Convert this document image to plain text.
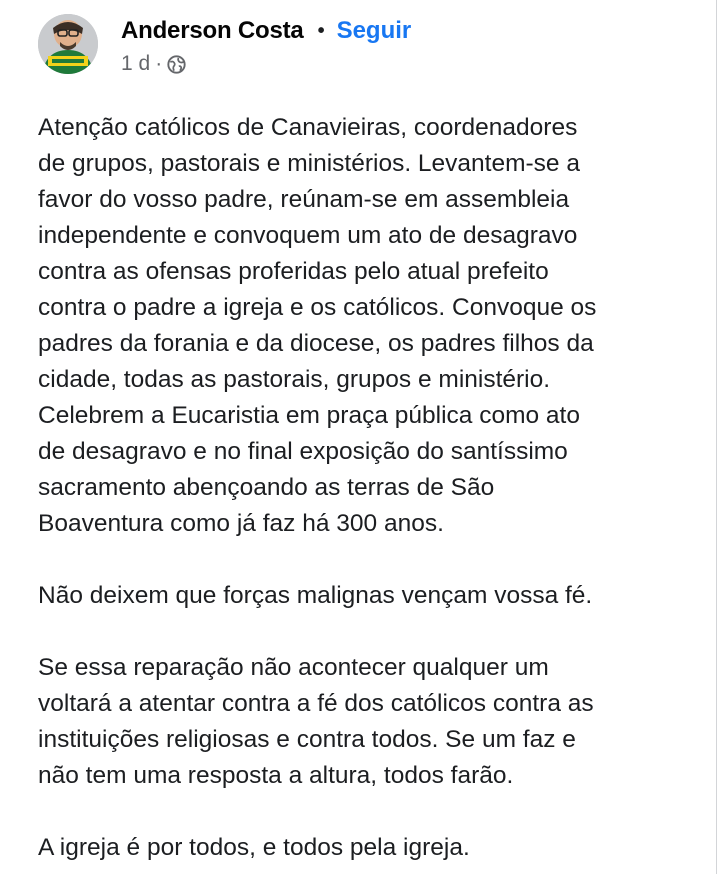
Anderson Costa • Seguir
1 d ·

Atenção católicos de Canavieiras, coordenadores
de grupos, pastorais e ministérios. Levantem-se a
favor do vosso padre, reúnam-se em assembleia
independente e convoquem um ato de desagravo
contra as ofensas proferidas pelo atual prefeito
contra o padre a igreja e os católicos. Convoque os
padres da forania e da diocese, os padres filhos da
cidade, todas as pastorais, grupos e ministério.
Celebrem a Eucaristia em praça pública como ato
de desagravo e no final exposição do santíssimo
sacramento abençoando as terras de São
Boaventura como já faz há 300 anos.

Não deixem que forças malignas vençam vossa fé.

Se essa reparação não acontecer qualquer um
voltará a atentar contra a fé dos católicos contra as
instituições religiosas e contra todos. Se um faz e
não tem uma resposta a altura, todos farão.

A igreja é por todos, e todos pela igreja.
